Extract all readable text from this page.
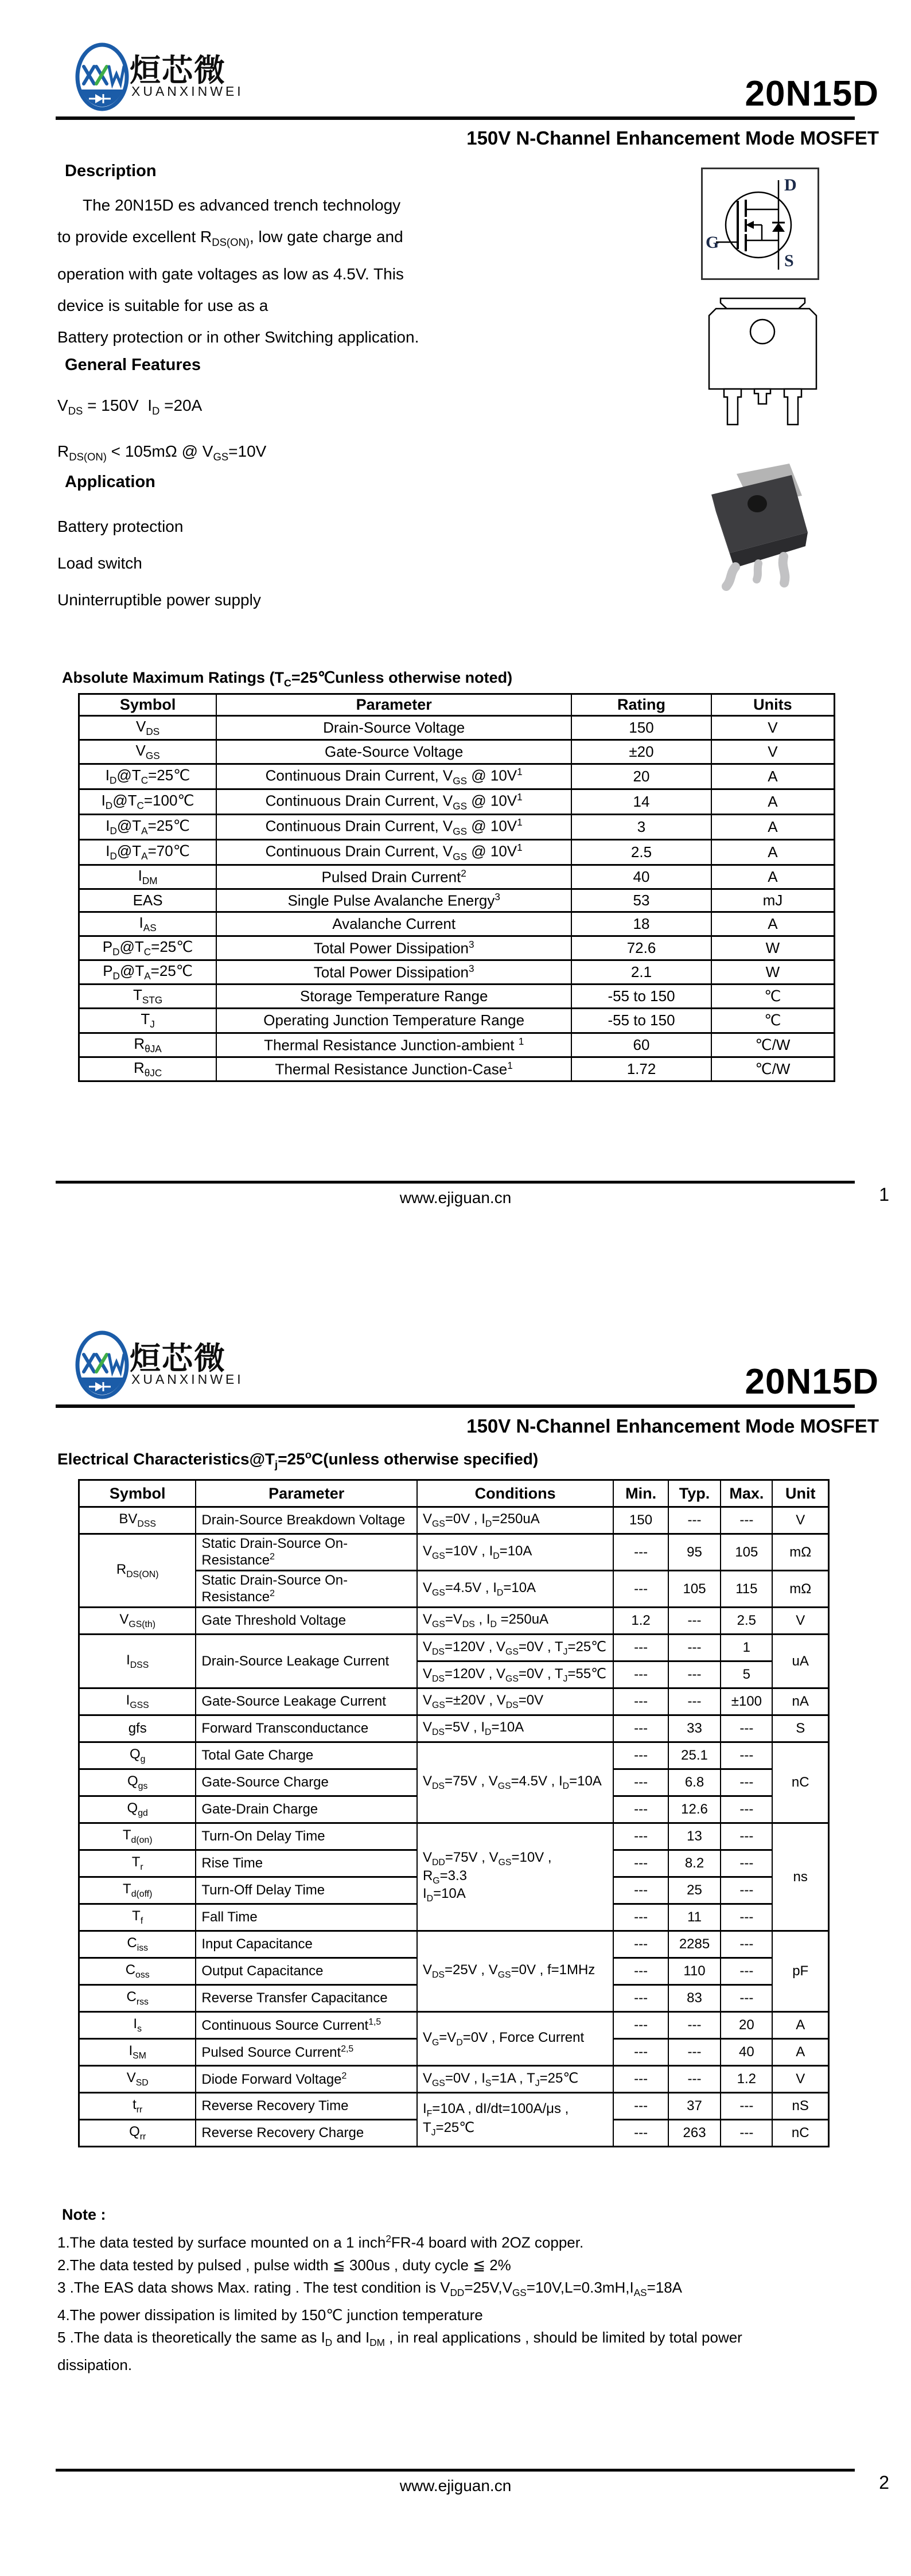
烜芯微
XUANXINWEI	20N15D
150V N-Channel Enhancement Mode MOSFET
Description
The 20N15D es advanced trench technology
to provide excellent $R_{DS(ON)}$, low gate charge and
operation with gate voltages as low as 4.5V. This
device is suitable for use as a
Battery protection or in other Switching application.
General Features
$V_{DS} = 150V$  $I_D =20A$
$R_{DS(ON)} < 105m\Omega$ @ $V_{GS}=10V$
Application
Battery protection
Load switch
Uninterruptible power supply
D
G
S
Absolute Maximum Ratings ($T_C=25℃unless$ otherwise noted)
Symbol	Parameter	Rating	Units
$V_{DS}$	Drain-Source Voltage	150	V
$V_{GS}$	Gate-Source Voltage	±20	V
$I_D@T_C=25℃$	Continuous Drain Current, $V_{GS}$ @ $10V^1$	20	A
$I_D@T_C=100℃$	Continuous Drain Current, $V_{GS}$ @ $10V^1$	14	A
$I_D@T_A=25℃$	Continuous Drain Current, $V_{GS}$ @ $10V^1$	3	A
$I_D@T_A=70℃$	Continuous Drain Current, $V_{GS}$ @ $10V^1$	2.5	A
$I_{DM}$	Pulsed Drain Current$^2$	40	A
EAS	Single Pulse Avalanche Energy$^3$	53	mJ
$I_{AS}$	Avalanche Current	18	A
$P_D@T_C=25℃$	Total Power Dissipation$^3$	72.6	W
$P_D@T_A=25℃$	Total Power Dissipation$^3$	2.1	W
$T_{STG}$	Storage Temperature Range	-55 to 150	℃
$T_J$	Operating Junction Temperature Range	-55 to 150	℃
$R_{\theta JA}$	Thermal Resistance Junction-ambient $^1$	60	℃/W
$R_{\theta JC}$	Thermal Resistance Junction-Case$^1$	1.72	℃/W
www.ejiguan.cn	1
烜芯微
XUANXINWEI	20N15D
150V N-Channel Enhancement Mode MOSFET
Electrical $Characteristics@T_j=25^oC(unless$ otherwise specified)
Symbol	Parameter	Conditions	Min.	Typ.	Max.	Unit
$BV_{DSS}$	Drain-Source Breakdown Voltage	$V_{GS}=0V$ , $I_D=250uA$	150	---	---	V
$R_{DS(ON)}$	Static Drain-Source On-Resistance$^2$	$V_{GS}=10V$ , $I_D=10A$	---	95	105	mΩ
	Static Drain-Source On-Resistance$^2$	$V_{GS}=4.5V$ , $I_D=10A$	---	105	115	mΩ
$V_{GS(th)}$	Gate Threshold Voltage	$V_{GS}=V_{DS}$ , $I_D =250uA$	1.2	---	2.5	V
$I_{DSS}$	Drain-Source Leakage Current	$V_{DS}=120V$ , $V_{GS}=0V$ , $T_J=25℃$	---	---	1	uA
		$V_{DS}=120V$ , $V_{GS}=0V$ , $T_J=55℃$	---	---	5	
$I_{GSS}$	Gate-Source Leakage Current	$V_{GS}=\pm 20V$ , $V_{DS}=0V$	---	---	±100	nA
gfs	Forward Transconductance	$V_{DS}=5V$ , $I_D=10A$	---	33	---	S
$Q_g$	Total Gate Charge	$V_{DS}=75V$ , $V_{GS}=4.5V$ , $I_D=10A$	---	25.1	---	nC
$Q_{gs}$	Gate-Source Charge		---	6.8	---	
$Q_{gd}$	Gate-Drain Charge		---	12.6	---	
$T_{d(on)}$	Turn-On Delay Time	$V_{DD}=75V$ , $V_{GS}=10V$ ,
$R_G=3.3$
$I_D=10A$	---	13	---	ns
$T_r$	Rise Time		---	8.2	---	
$T_{d(off)}$	Turn-Off Delay Time		---	25	---	
$T_f$	Fall Time		---	11	---	
$C_{iss}$	Input Capacitance	$V_{DS}=25V$ , $V_{GS}=0V$ , f=1MHz	---	2285	---	pF
$C_{oss}$	Output Capacitance		---	110	---	
$C_{rss}$	Reverse Transfer Capacitance		---	83	---	
$I_s$	Continuous Source Current$^{1,5}$	$V_G=V_D=0V$ , Force Current	---	---	20	A
$I_{SM}$	Pulsed Source Current$^{2,5}$		---	---	40	A
$V_{SD}$	Diode Forward Voltage$^2$	$V_{GS}=0V$ , $I_S=1A$ , $T_J=25℃$	---	---	1.2	V
$t_{rr}$	Reverse Recovery Time	$I_F=10A$ , dI/dt=100A/μs ,
$T_J=25℃$	---	37	---	nS
$Q_{rr}$	Reverse Recovery Charge		---	263	---	nC
Note :
1.The data tested by surface mounted on a 1 inch$^2$FR-4 board with 2OZ copper.
2.The data tested by pulsed , pulse width ≦ 300us , duty cycle ≦ 2%
3 .The EAS data shows Max. rating . The test condition is $V_{DD}=25V,V_{GS}=10V,L=0.3mH,I_{AS}=18A$
4.The power dissipation is limited by 150℃ junction temperature
5 .The data is theoretically the same as $I_D$ and $I_{DM}$ , in real applications , should be limited by total power
dissipation.
www.ejiguan.cn	2
